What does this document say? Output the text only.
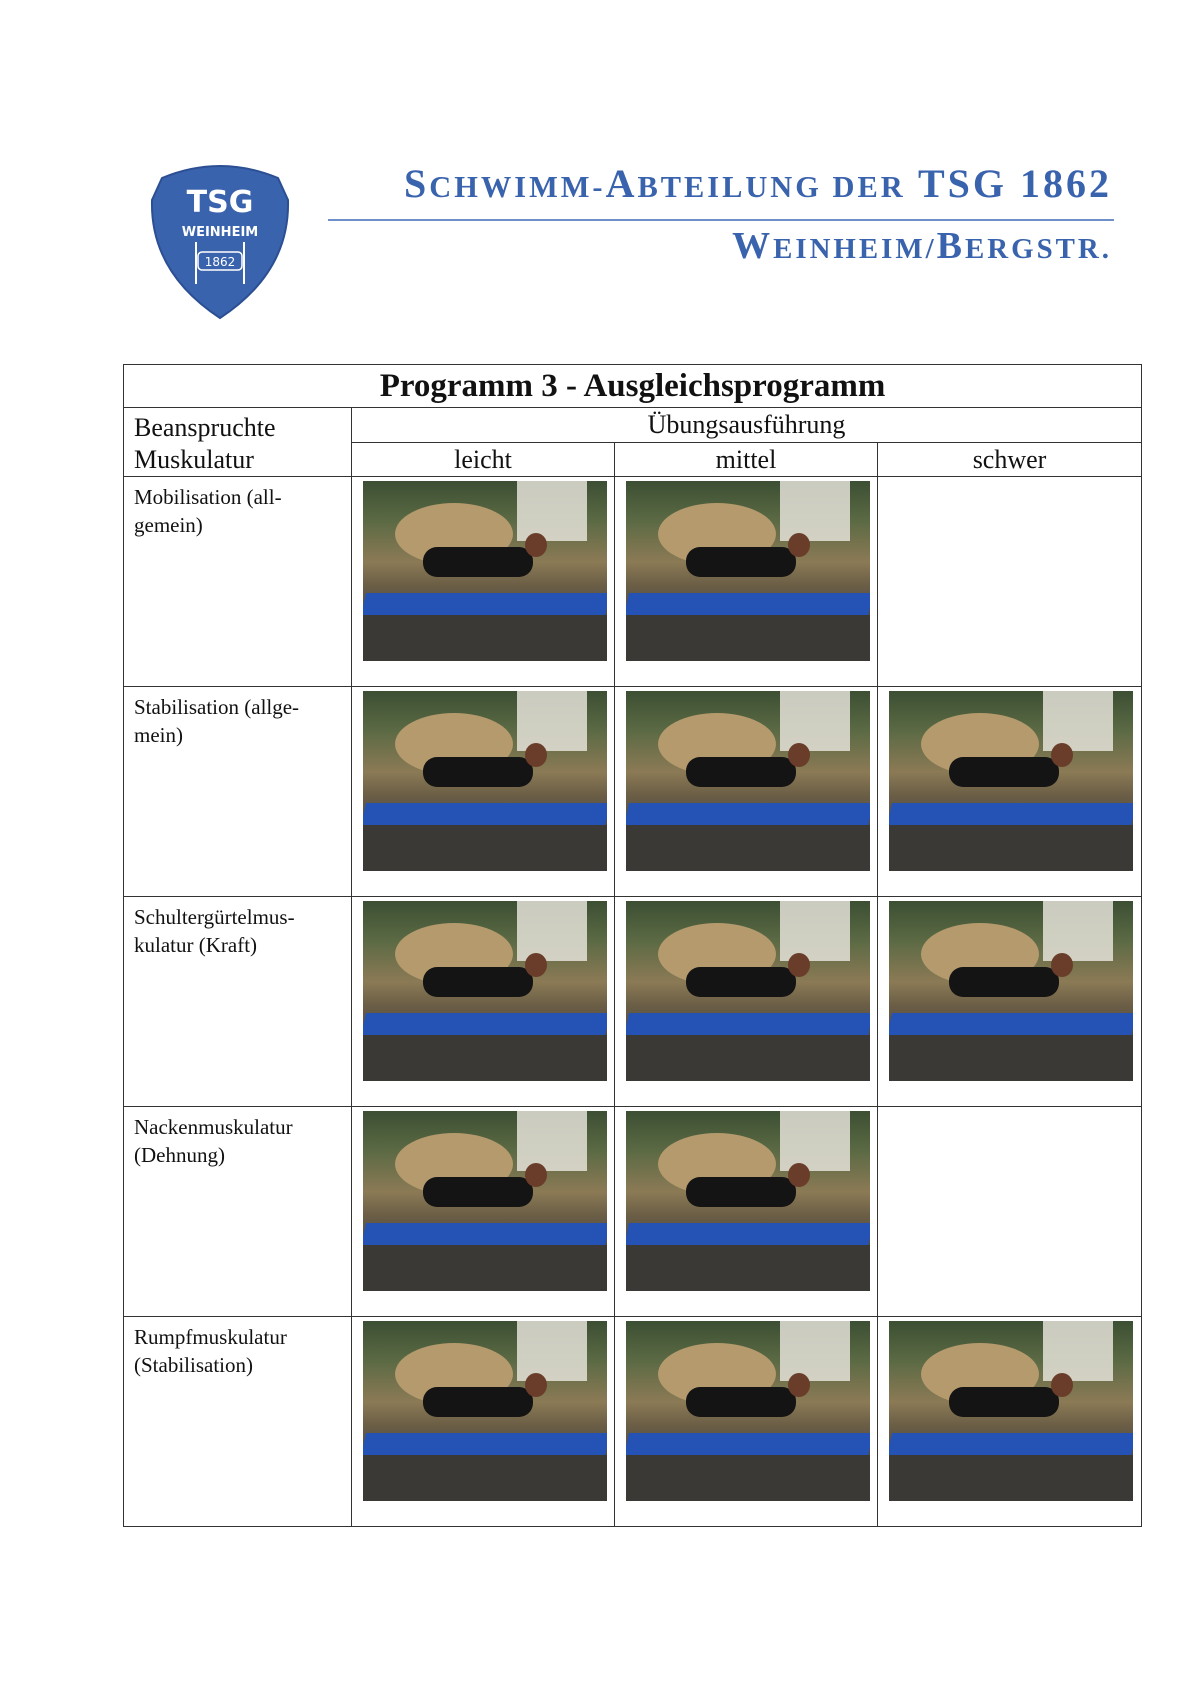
TSG
WEINHEIM
1862
SCHWIMM-ABTEILUNG DER TSG 1862
WEINHEIM/BERGSTR.
Programm 3 - Ausgleichsprogramm			

Beanspruchte
Muskulatur	Übungsausführung		
	leicht	mittel	schwer

Mobilisation (all-
gemein)			

Stabilisation (allge-
mein)			

Schultergürtelmus-
kulatur (Kraft)			

Nackenmuskulatur
(Dehnung)			

Rumpfmuskulatur
(Stabilisation)			
